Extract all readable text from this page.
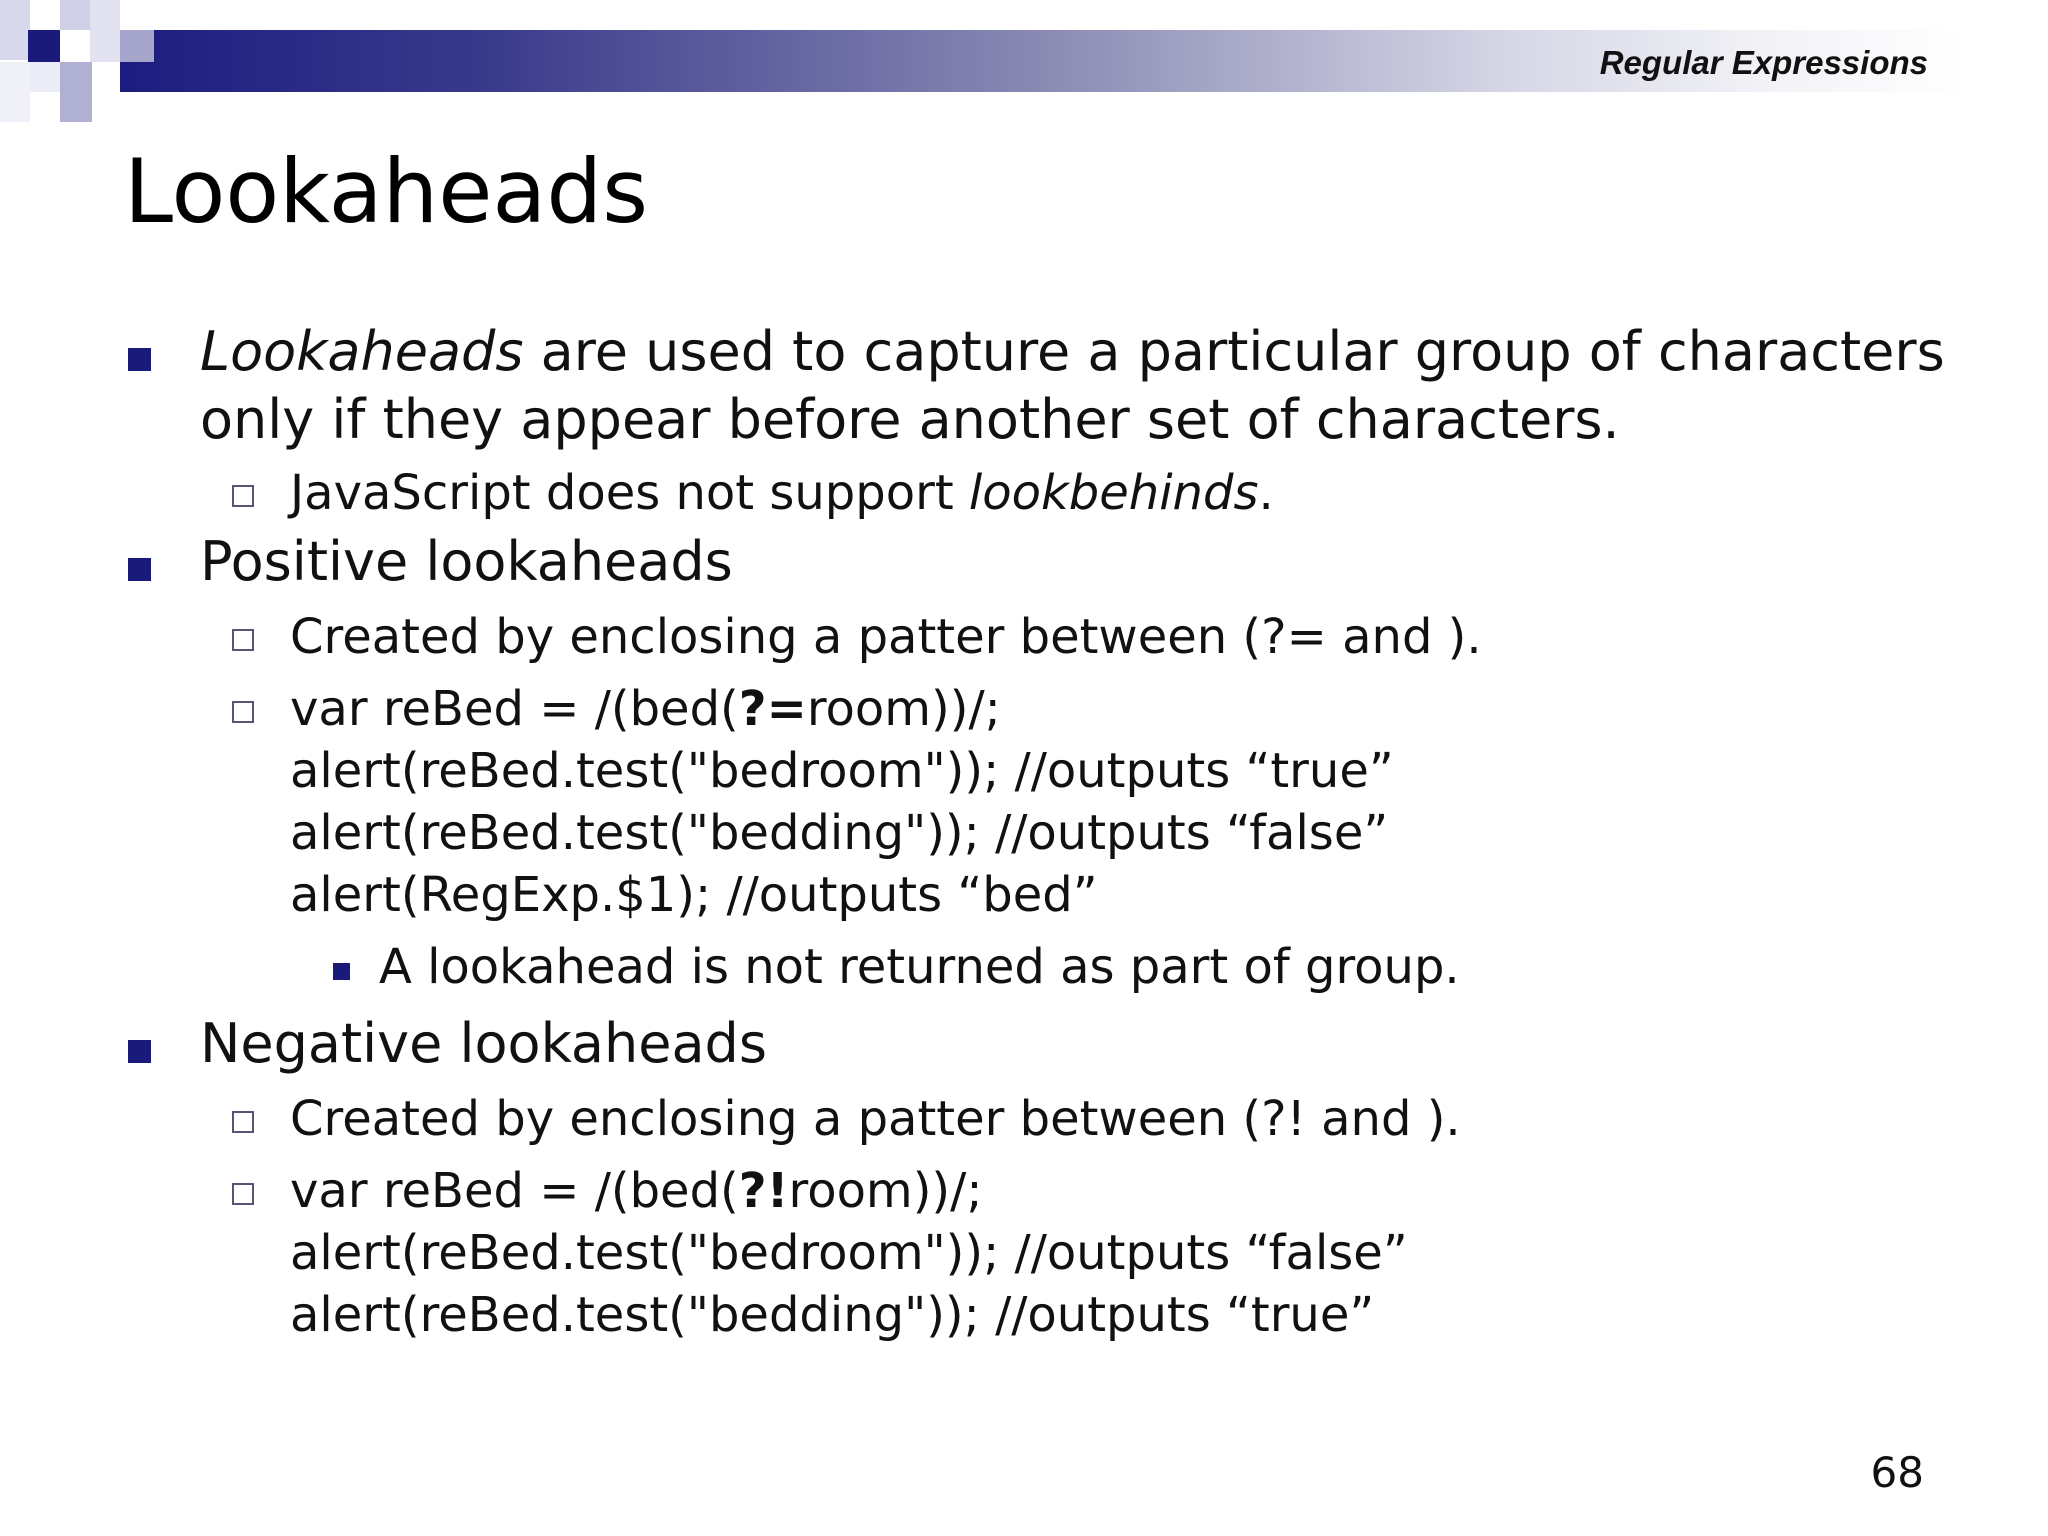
Regular Expressions
Lookaheads
Lookaheads are used to capture a particular group of characters only if they appear before another set of characters.
JavaScript does not support lookbehinds.
Positive lookaheads
Created by enclosing a patter between (?= and ).
var reBed = /(bed(?=room))/;
alert(reBed.test("bedroom")); //outputs “true”
alert(reBed.test("bedding")); //outputs “false”
alert(RegExp.$1); //outputs “bed”
A lookahead is not returned as part of group.
Negative lookaheads
Created by enclosing a patter between (?! and ).
var reBed = /(bed(?!room))/;
alert(reBed.test("bedroom")); //outputs “false”
alert(reBed.test("bedding")); //outputs “true”
68
